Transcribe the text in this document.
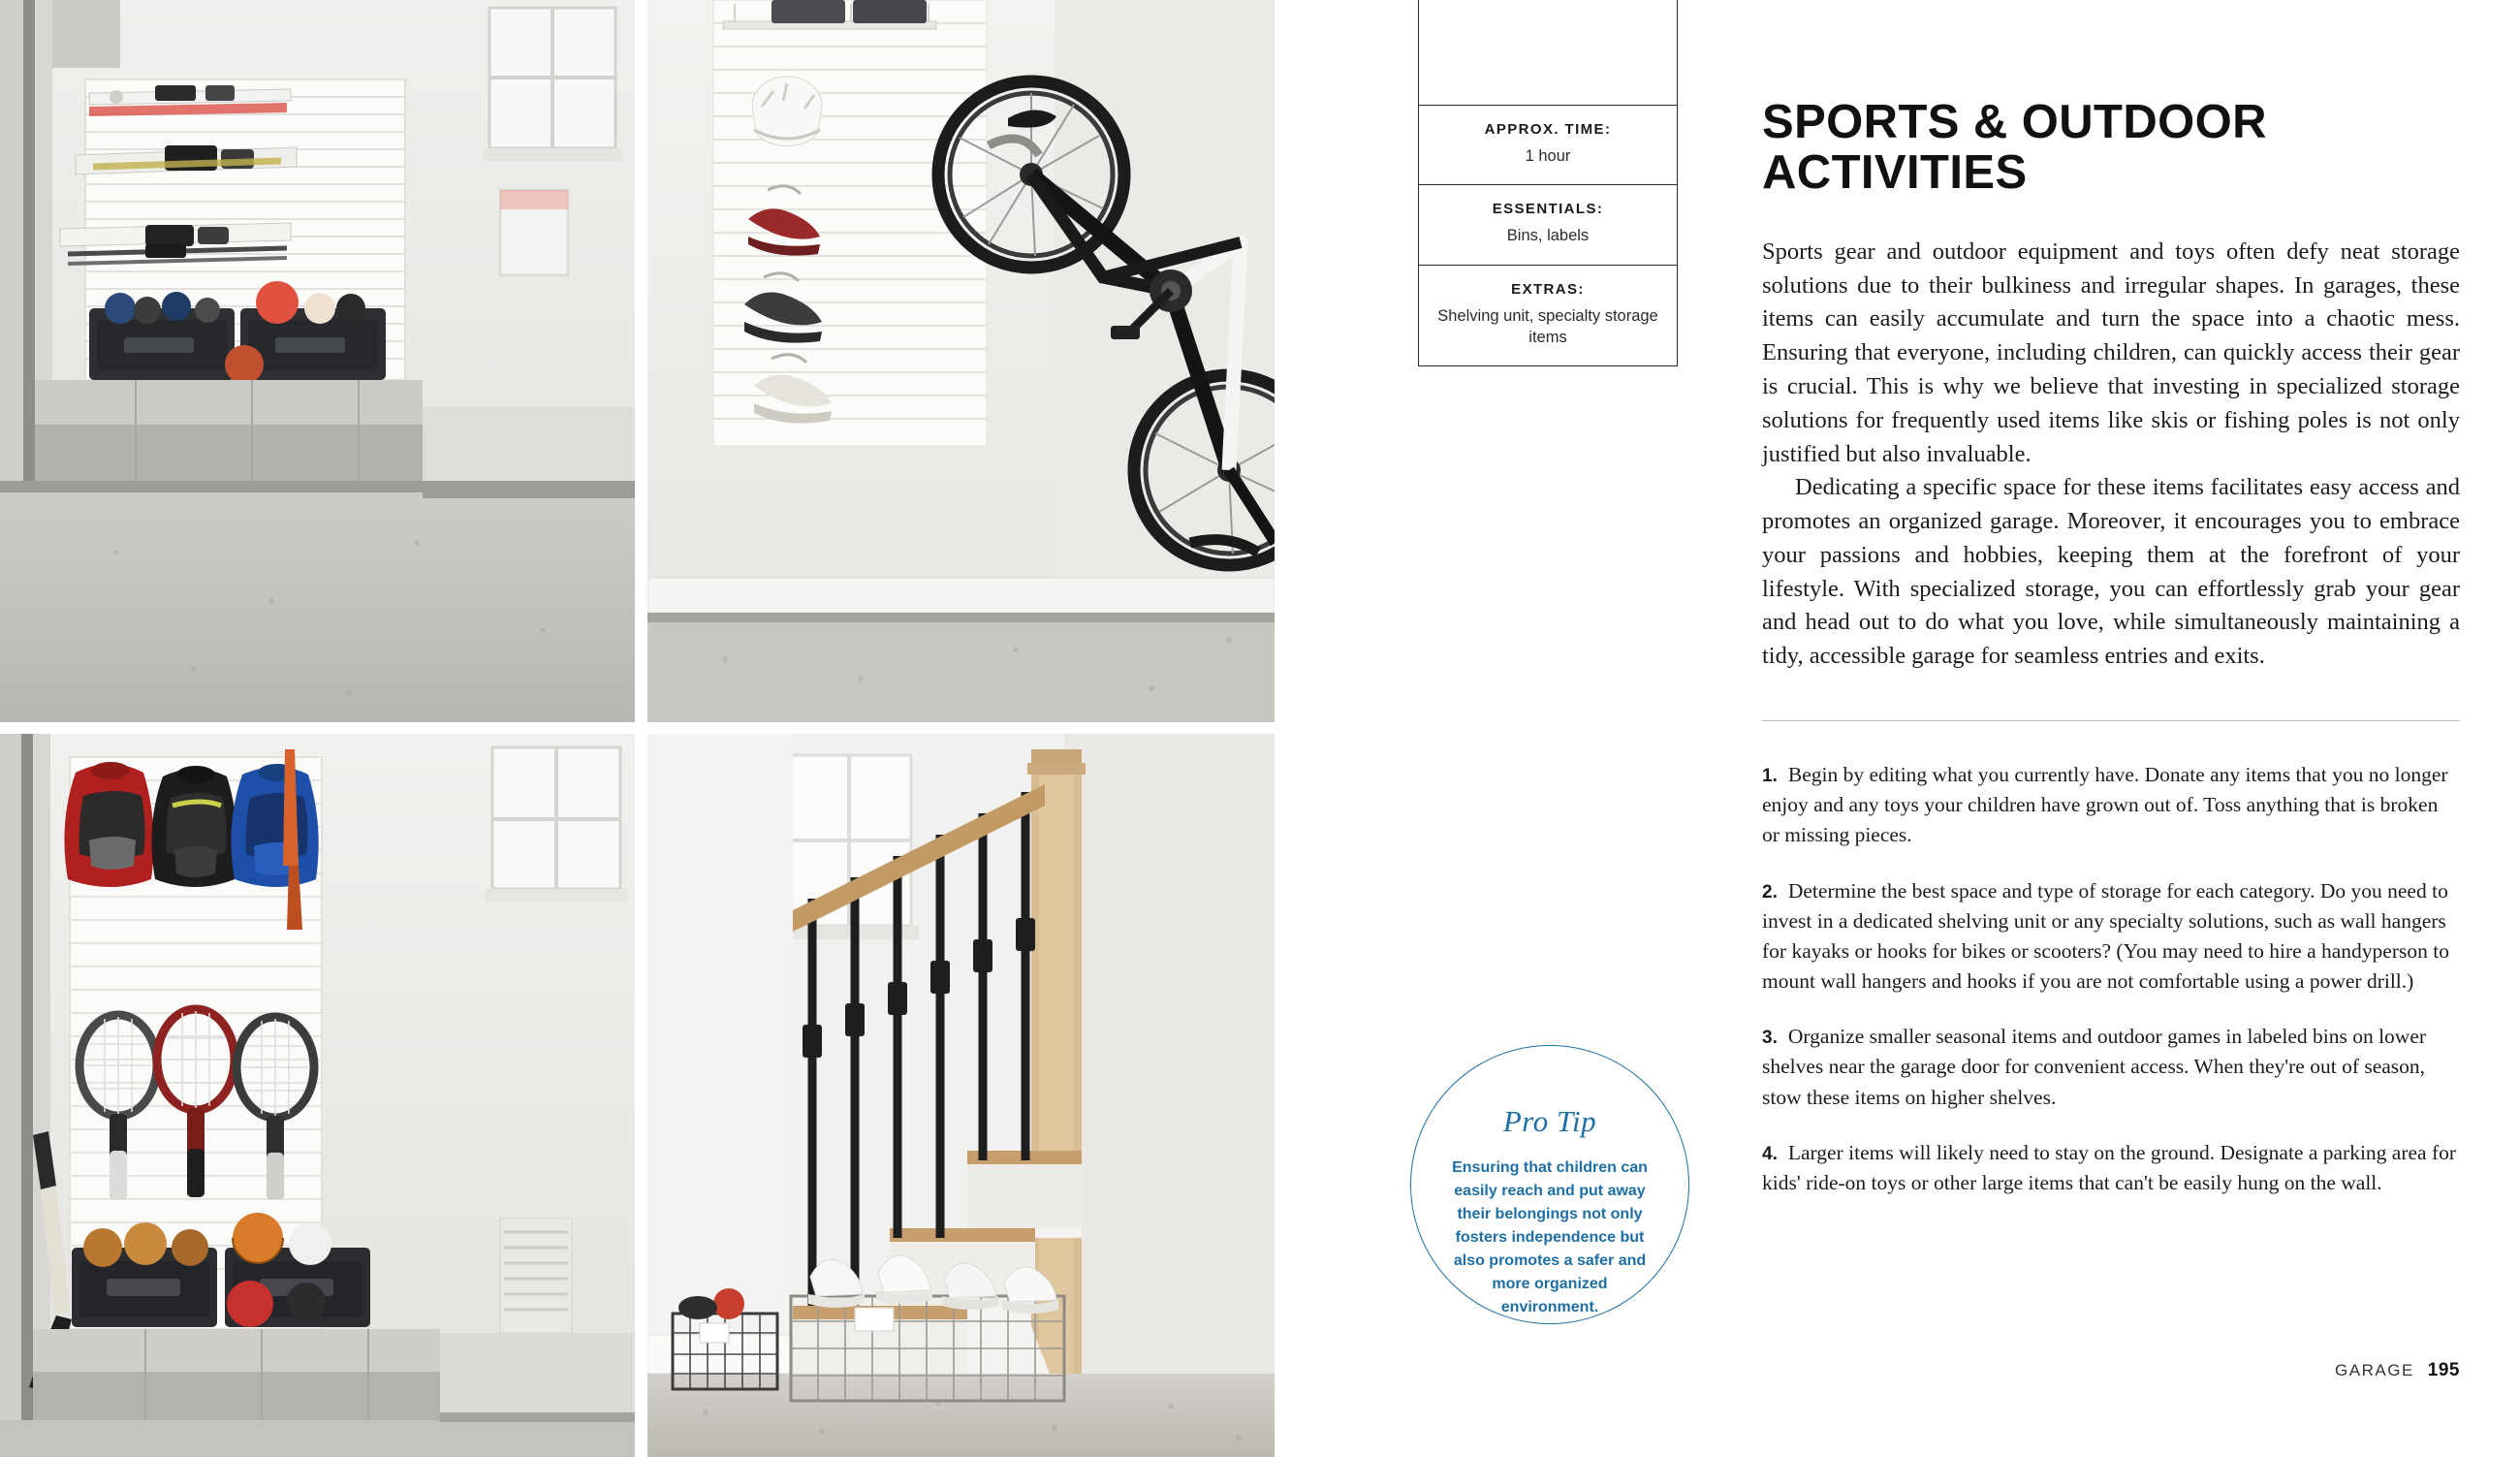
APPROX. TIME:
1 hour
ESSENTIALS:
Bins, labels
EXTRAS:
Shelving unit, specialty storage items
SPORTS & OUTDOOR ACTIVITIES

Sports gear and outdoor equipment and toys often defy neat storage solutions due to their bulkiness and irregular shapes. In garages, these items can easily accumulate and turn the space into a chaotic mess. Ensuring that everyone, including children, can quickly access their gear is crucial. This is why we believe that investing in specialized storage solutions for frequently used items like skis or fishing poles is not only justified but also invaluable.

Dedicating a specific space for these items facilitates easy access and promotes an organized garage. Moreover, it encourages you to embrace your passions and hobbies, keeping them at the forefront of your lifestyle. With specialized storage, you can effortlessly grab your gear and head out to do what you love, while simultaneously maintaining a tidy, accessible garage for seamless entries and exits.

1. Begin by editing what you currently have. Donate any items that you no longer enjoy and any toys your children have grown out of. Toss anything that is broken or missing pieces.

2. Determine the best space and type of storage for each category. Do you need to invest in a dedicated shelving unit or any specialty solutions, such as wall hangers for kayaks or hooks for bikes or scooters? (You may need to hire a handyperson to mount wall hangers and hooks if you are not comfortable using a power drill.)

3. Organize smaller seasonal items and outdoor games in labeled bins on lower shelves near the garage door for convenient access. When they're out of season, stow these items on higher shelves.

4. Larger items will likely need to stay on the ground. Designate a parking area for kids' ride-on toys or other large items that can't be easily hung on the wall.

Pro Tip
Ensuring that children can easily reach and put away their belongings not only fosters independence but also promotes a safer and more organized environment.
GARAGE 195
